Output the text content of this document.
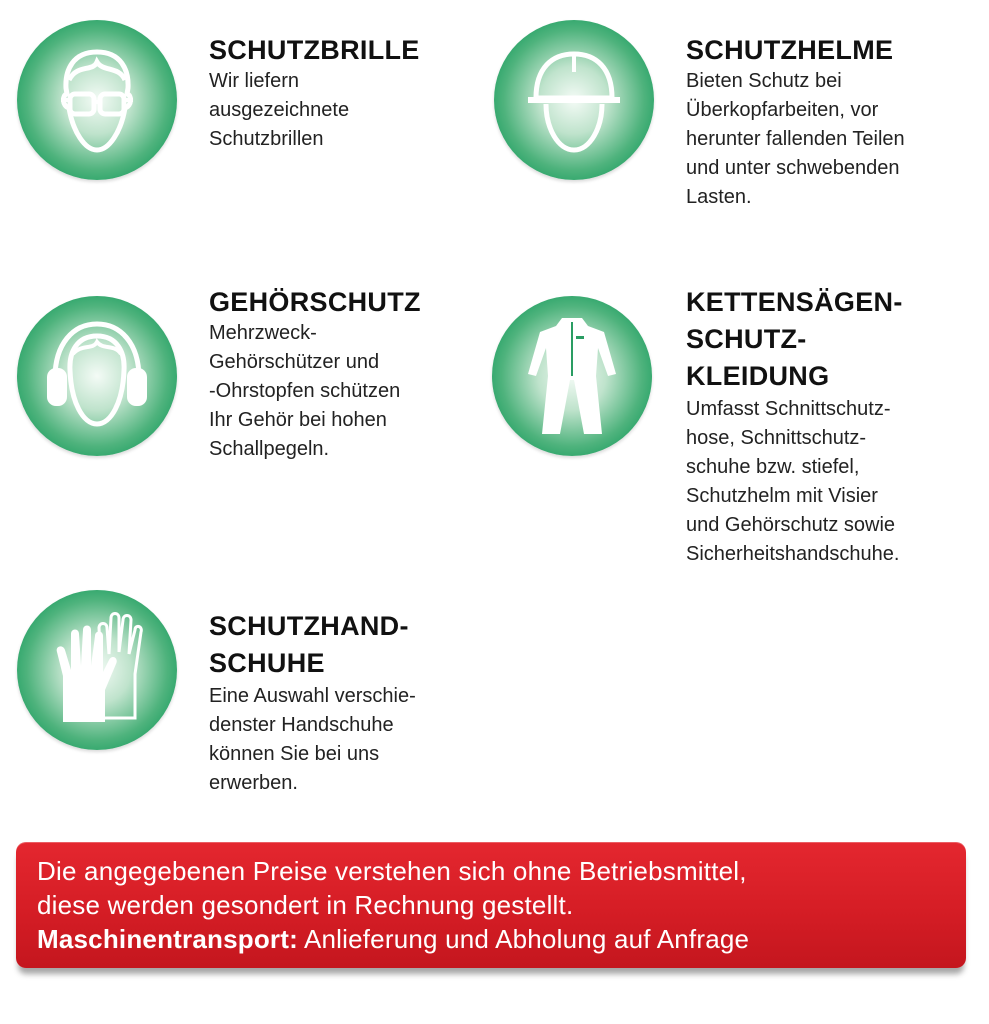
SCHUTZBRILLE

Wir liefern
ausgezeichnete
Schutzbrillen

SCHUTZHELME

Bieten Schutz bei
Überkopfarbeiten, vor
herunter fallenden Teilen
und unter schwebenden
Lasten.

GEHÖRSCHUTZ

Mehrzweck-
Gehörschützer und
-Ohrstopfen schützen
Ihr Gehör bei hohen
Schallpegeln.

KETTENSÄGEN-
SCHUTZ-
KLEIDUNG

Umfasst Schnittschutz-
hose, Schnittschutz-
schuhe bzw. stiefel,
Schutzhelm mit Visier
und Gehörschutz sowie
Sicherheitshandschuhe.

SCHUTZHAND-
SCHUHE

Eine Auswahl verschie-
denster Handschuhe
können Sie bei uns
erwerben.

Die angegebenen Preise verstehen sich ohne Betriebsmittel,
diese werden gesondert in Rechnung gestellt.
Maschinentransport: Anlieferung und Abholung auf Anfrage
